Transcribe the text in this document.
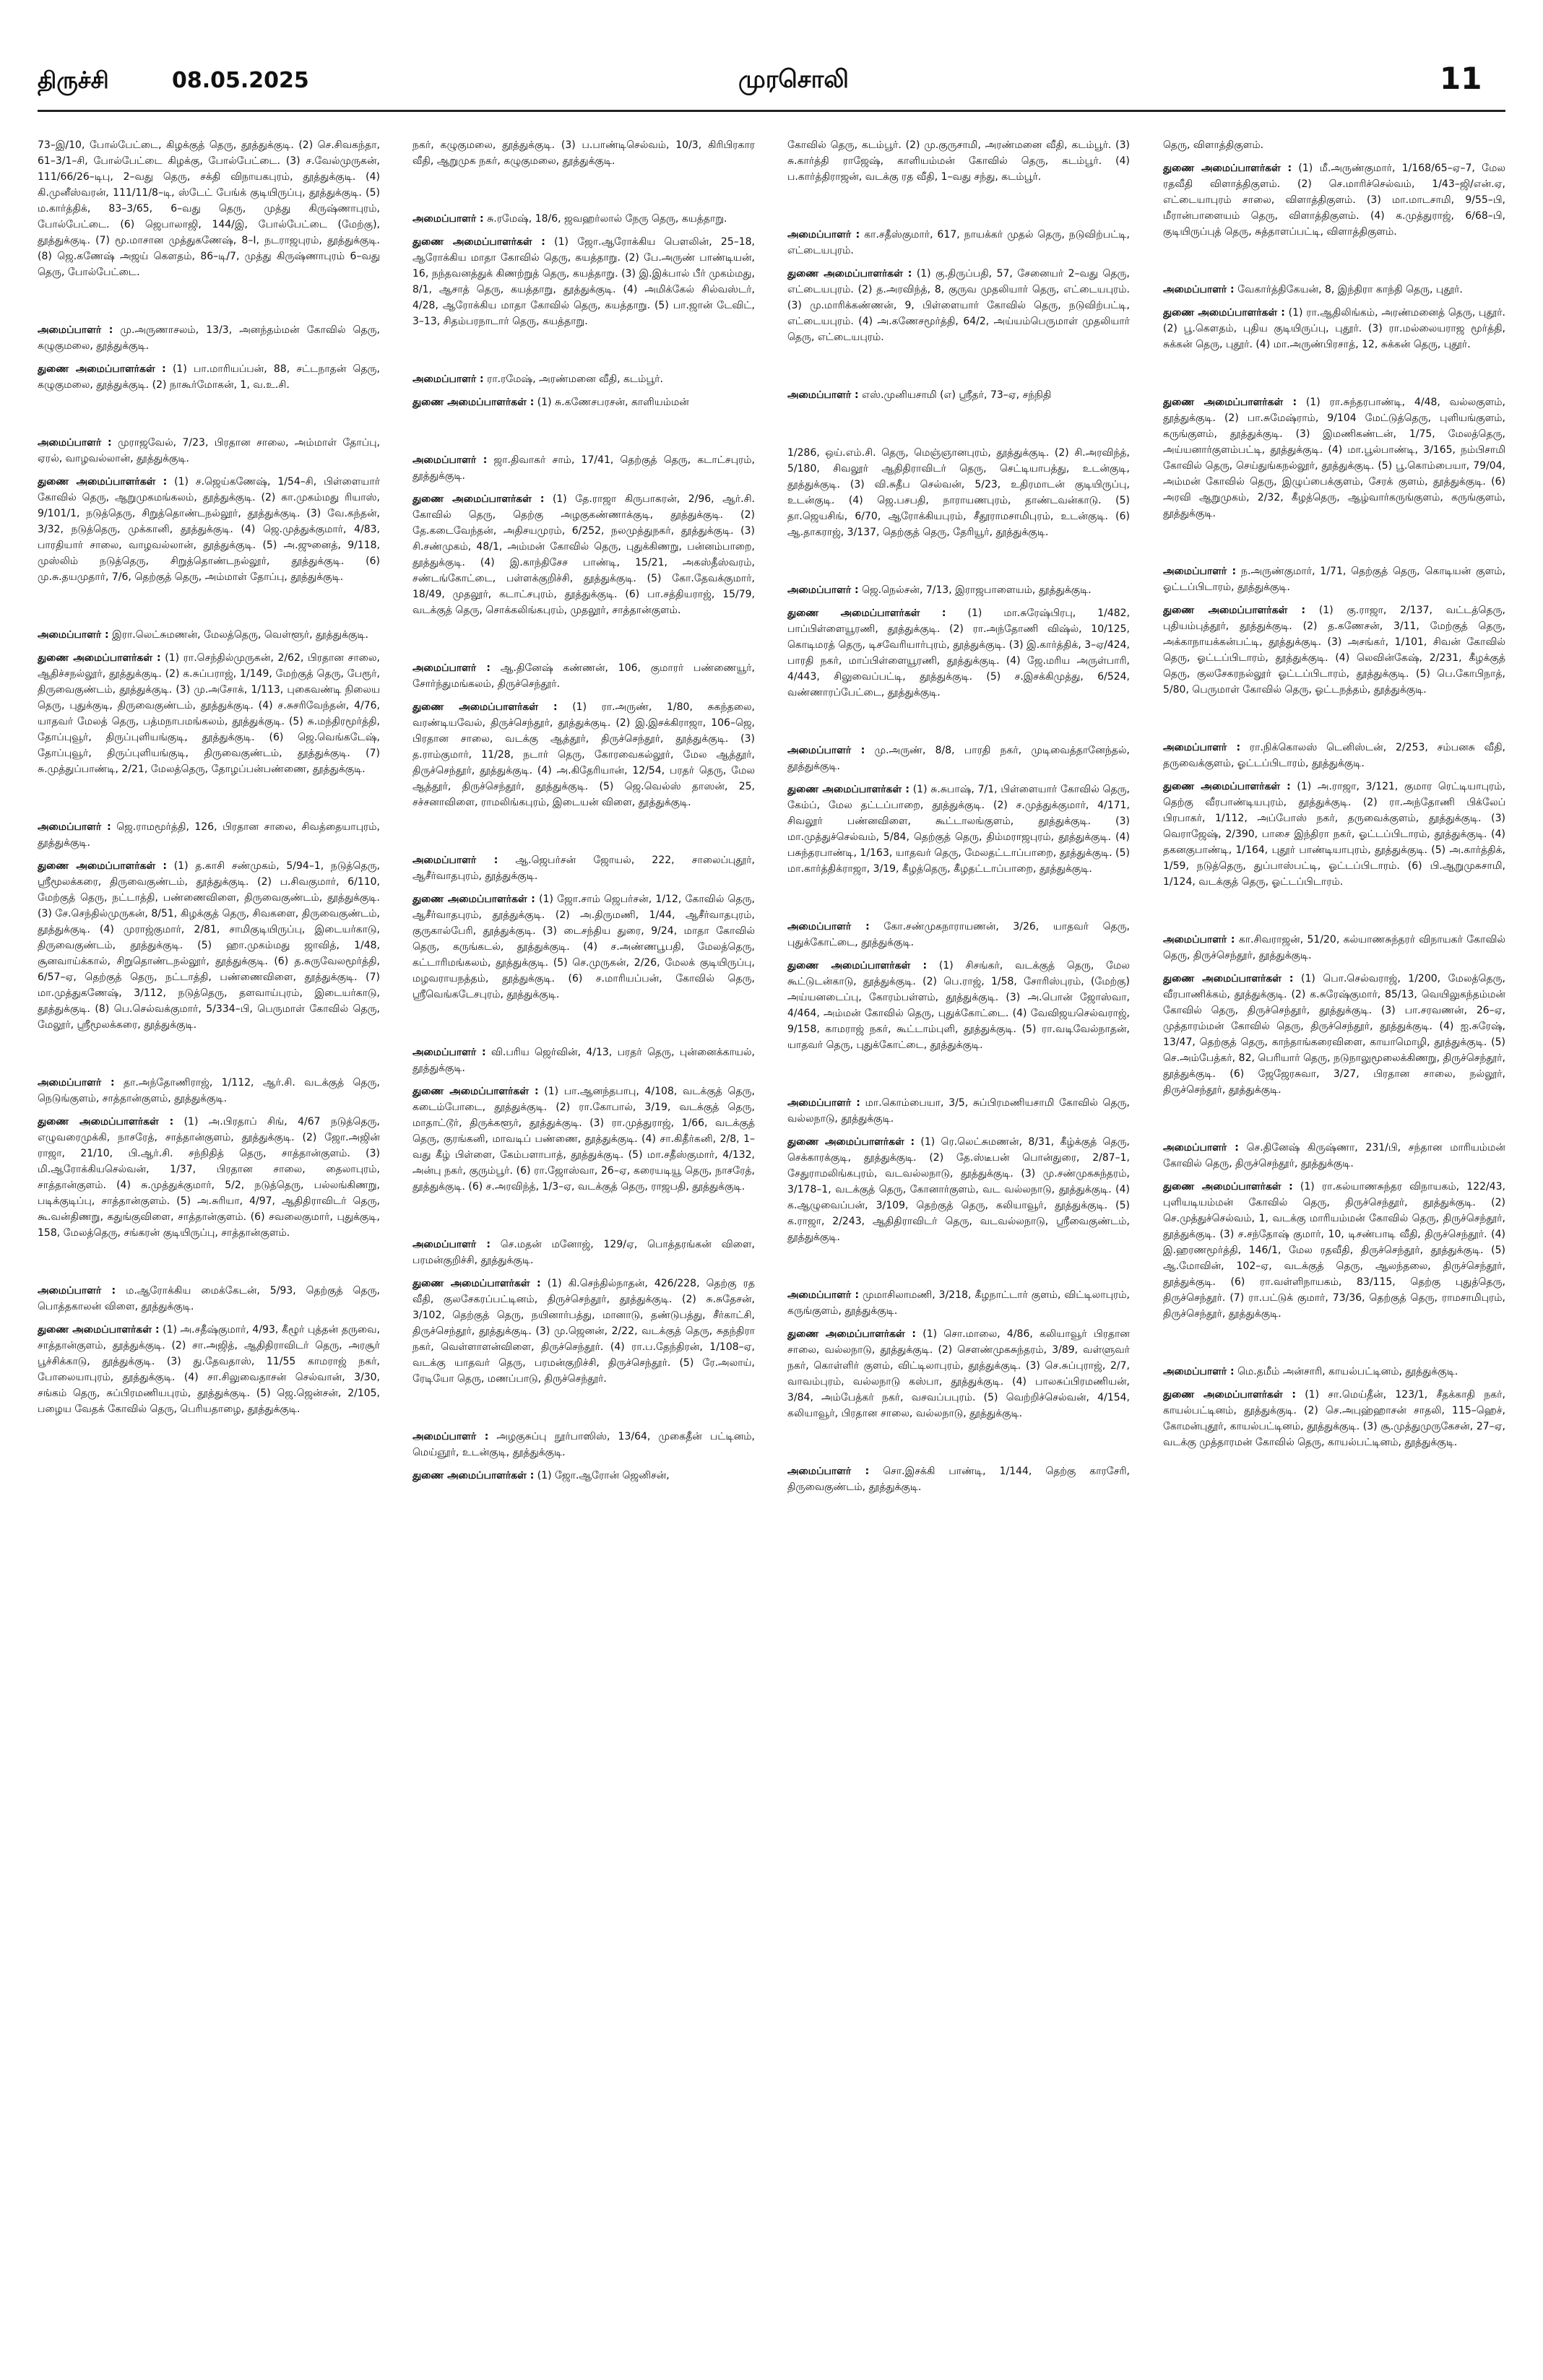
திருச்சி	08.05.2025	முரசொலி	11

73–இ/10, போல்பேட்டை, கிழக்குத் தெரு, தூத்துக்குடி. (2) செ.சிவகந்தா, 61–3/1–சி, போல்பேட்டை கிழக்கு, போல்பேட்டை. (3) ச.வேல்முருகன், 111/66/26–டிபு, 2–வது தெரு, சக்தி விநாயகபுரம், தூத்துக்குடி. (4) கி.முனீஸ்வரன், 111/11/8–டி, ஸ்டேட் பேங்க் குடியிருப்பு, தூத்துக்குடி. (5) ம.கார்த்திக், 83–3/65, 6–வது தெரு, முத்து கிருஷ்ணாபுரம், போல்பேட்டை. (6) ஜெபாலாஜி, 144/இ, போல்பேட்டை (மேற்கு), தூத்துக்குடி. (7) மூ.மாசான முத்துகணேஷ், 8–I, நடராஜபுரம், தூத்துக்குடி. (8) ஜெ.கணேஷ் அஜய் கௌதம், 86–டி/7, முத்து கிருஷ்ணாபுரம் 6–வது தெரு, போல்பேட்டை.

அமைப்பாளர் : மு.அருணாசலம், 13/3, அனந்தம்மன் கோவில் தெரு, கழுகுமலை, தூத்துக்குடி.

துணை அமைப்பாளர்கள் : (1) பா.மாரியப்பன், 88, சட்டநாதன் தெரு, கழுகுமலை, தூத்துக்குடி. (2) நாகூர்மோகன், 1, வ.உ.சி.

அமைப்பாளர் : முராஜவேல், 7/23, பிரதான சாலை, அம்மாள் தோப்பு, ஏரல், வாழவல்லான், தூத்துக்குடி.

துணை அமைப்பாளர்கள் : (1) ச.ஜெய்கணேஷ், 1/54–சி, பிள்ளையார் கோவில் தெரு, ஆறுமுகமங்கலம், தூத்துக்குடி. (2) கா.முகம்மது ரியாஸ், 9/101/1, நடுத்தெரு, சிறுத்தொண்டநல்லூர், தூத்துக்குடி. (3) வே.கந்தன், 3/32, நடுத்தெரு, முக்கானி, தூத்துக்குடி. (4) ஜெ.முத்துக்குமார், 4/83, பாரதியார் சாலை, வாழவல்லான், தூத்துக்குடி. (5) அ.ஜுனைத், 9/118, முஸ்லிம் நடுத்தெரு, சிறுத்தொண்டநல்லூர், தூத்துக்குடி. (6) மு.சு.தயமுதார், 7/6, தெற்குத் தெரு, அம்மாள் தோப்பு, தூத்துக்குடி.

அமைப்பாளர் : இரா.லெட்சுமணன், மேலத்தெரு, வெள்ளூர், தூத்துக்குடி.

துணை அமைப்பாளர்கள் : (1) ரா.செந்தில்முருகன், 2/62, பிரதான சாலை, ஆதிச்சநல்லூர், தூத்துக்குடி. (2) க.சுப்பராஜ், 1/149, மேற்குத் தெரு, பேரூர், திருவைகுண்டம், தூத்துக்குடி. (3) மு.அசோக், 1/113, புகைவண்டி நிலைய தெரு, புதுக்குடி, திருவைகுண்டம், தூத்துக்குடி. (4) ச.சுசரிவேந்தன், 4/76, யாதவர் மேலத் தெரு, பத்மநாபமங்கலம், தூத்துக்குடி. (5) சு.மந்திரமூர்த்தி, தோப்புவூர், திருப்புளியங்குடி, தூத்துக்குடி. (6) ஜெ.வெங்கடேஷ், தோப்புவூர், திருப்புளியங்குடி, திருவைகுண்டம், தூத்துக்குடி. (7) சு.முத்துப்பாண்டி, 2/21, மேலத்தெரு, தோழப்பன்பண்ணை, தூத்துக்குடி.

அமைப்பாளர் : ஜெ.ராமமூர்த்தி, 126, பிரதான சாலை, சிவத்தையாபுரம், தூத்துக்குடி.

துணை அமைப்பாளர்கள் : (1) த.காசி சண்முகம், 5/94–1, நடுத்தெரு, ஸ்ரீமூலக்கரை, திருவைகுண்டம், தூத்துக்குடி. (2) ப.சிவகுமார், 6/110, மேற்குத் தெரு, நட்டாத்தி, பண்ணைவிளை, திருவைகுண்டம், தூத்துக்குடி. (3) சே.செந்தில்முருகன், 8/51, கிழக்குத் தெரு, சிவகளை, திருவைகுண்டம், தூத்துக்குடி. (4) முராஜ்குமார், 2/81, சாமிகுடியிருப்பு, இடையர்காடு, திருவைகுண்டம், தூத்துக்குடி. (5) ஹா.முகம்மது ஜாவித், 1/48, சூனவாய்க்கால், சிறுதொண்டநல்லூர், தூத்துக்குடி. (6) த.சுருவேலமூர்த்தி, 6/57–ஏ, தெற்குத் தெரு, நட்டாத்தி, பண்ணைவிளை, தூத்துக்குடி. (7) மா.முத்துகணேஷ், 3/112, நடுத்தெரு, தளவாய்புரம், இடையர்காடு, தூத்துக்குடி. (8) பெ.செல்வக்குமார், 5/334–பி, பெருமாள் கோவில் தெரு, மேலூர், ஸ்ரீமூலக்கரை, தூத்துக்குடி.

அமைப்பாளர் : தா.அந்தோணிராஜ், 1/112, ஆர்.சி. வடக்குத் தெரு, நெடுங்குளம், சாத்தான்குளம், தூத்துக்குடி.

துணை அமைப்பாளர்கள் : (1) அ.பிரதாப் சிங், 4/67 நடுத்தெரு, எழுவரைமுக்கி, நாசரேத், சாத்தான்குளம், தூத்துக்குடி. (2) ஜோ.அஜின் ராஜா, 21/10, பி.ஆர்.சி. சந்நிதித் தெரு, சாத்தான்குளம். (3) மி.ஆரோக்கியசெல்வன், 1/37, பிரதான சாலை, தைலாபுரம், சாத்தான்குளம். (4) சு.முத்துக்குமார், 5/2, நடுத்தெரு, பல்லங்கிணறு, படிக்குடிப்பு, சாத்தான்குளம். (5) அ.சுரியா, 4/97, ஆதிதிராவிடர் தெரு, கூ.வன்திணறு, கதுங்குவிளை, சாத்தான்குளம். (6) சவலைகுமார், புதுக்குடி, 158, மேலத்தெரு, சங்கரன் குடியிருப்பு, சாத்தான்குளம்.

அமைப்பாளர் : ம.ஆரோக்கிய மைக்கேடன், 5/93, தெற்குத் தெரு, பொத்தகாலன் விளை, தூத்துக்குடி.

துணை அமைப்பாளர்கள் : (1) அ.சதீஷ்குமார், 4/93, கீழூர் புத்தன் தருவை, சாத்தான்குளம், தூத்துக்குடி. (2) சா.அஜித், ஆதிதிராவிடர் தெரு, அரசூர் பூச்சிக்காடு, தூத்துக்குடி. (3) து.தேவதாஸ், 11/55 காமராஜ் நகர், போலையாபுரம், தூத்துக்குடி. (4) சா.சிலுவைதாசன் செல்வான், 3/30, சங்கம் தெரு, சுப்பிரமணியபுரம், தூத்துக்குடி. (5) ஜெ.ஜென்சன், 2/105, பழைய வேதக் கோவில் தெரு, பெரியதாழை, தூத்துக்குடி.

நகர், கழுகுமலை, தூத்துக்குடி. (3) ப.பாண்டிசெல்வம், 10/3, கிரிபிரகார வீதி, ஆறுமுக நகர், கழுகுமலை, தூத்துக்குடி.

அமைப்பாளர் : சு.ரமேஷ், 18/6, ஜவஹர்லால் நேரு தெரு, கயத்தாறு.

துணை அமைப்பாளர்கள் : (1) ஜோ.ஆரோக்கிய பௌலின், 25–18, ஆரோக்கிய மாதா கோவில் தெரு, கயத்தாறு. (2) பே.அருண் பாண்டியன், 16, நந்தவனத்துக் கிணற்றுத் தெரு, கயத்தாறு. (3) இ.இக்பால் பீர் முகம்மது, 8/1, ஆசாத் தெரு, கயத்தாறு, தூத்துக்குடி. (4) அமிக்கேல் சில்வஸ்டர், 4/28, ஆரோக்கிய மாதா கோவில் தெரு, கயத்தாறு. (5) பா.ஜான் டேவிட், 3–13, சிதம்பரநாடார் தெரு, கயத்தாறு.

அமைப்பாளர் : ரா.ரமேஷ், அரண்மனை வீதி, கடம்பூர்.

துணை அமைப்பாளர்கள் : (1) சு.கணேசபரசன், காளியம்மன்

அமைப்பாளர் : ஜா.திவாகர் சாம், 17/41, தெற்குத் தெரு, கடாட்சபுரம், தூத்துக்குடி.

துணை அமைப்பாளர்கள் : (1) தே.ராஜா கிருபாகரன், 2/96, ஆர்.சி. கோவில் தெரு, தெற்கு அழகுகண்ணாக்குடி, தூத்துக்குடி. (2) தே.கடைவேந்தன், அதிசயமுரம், 6/252, நலமுத்துநகர், தூத்துக்குடி. (3) சி.சண்முகம், 48/1, அம்மன் கோவில் தெரு, புதுக்கிணறு, பன்னம்பாறை, தூத்துக்குடி. (4) இ.காந்திசேச பாண்டி, 15/21, அகஸ்தீஸ்வரம், சண்டங்கோட்டை, பள்ளக்குறிச்சி, தூத்துக்குடி. (5) கோ.தேவக்குமார், 18/49, முதலூர், கடாட்சபுரம், தூத்துக்குடி. (6) பா.சத்தியராஜ், 15/79, வடக்குத் தெரு, சொக்கலிங்கபுரம், முதலூர், சாத்தான்குளம்.

அமைப்பாளர் : ஆ.தினேஷ் கண்ணன், 106, குமாரர் பண்ணையூர், சோர்ந்துமங்கலம், திருச்செந்தூர்.

துணை அமைப்பாளர்கள் : (1) ரா.அருண், 1/80, சுகந்தலை, வரண்டியவேல், திருச்செந்தூர், தூத்துக்குடி. (2) இ.இசக்கிராஜா, 106–ஜெ, பிரதான சாலை, வடக்கு ஆத்தூர், திருச்செந்தூர், தூத்துக்குடி. (3) த.ராம்குமார், 11/28, நடார் தெரு, கோரவைகல்லூர், மேல ஆத்தூர், திருச்செந்தூர், தூத்துக்குடி. (4) அ.கிதேரியான், 12/54, பரதர் தெரு, மேல ஆத்தூர், திருச்செந்தூர், தூத்துக்குடி. (5) ஜெ.வெல்ஸ் தாஸன், 25, சச்சனாவிளை, ராமலிங்கபுரம், இடையன் விளை, தூத்துக்குடி.

அமைப்பாளர் : ஆ.ஜெபர்சன் ஜோயல், 222, சாலைப்புதூர், ஆசீர்வாதபுரம், தூத்துக்குடி.

துணை அமைப்பாளர்கள் : (1) ஜோ.சாம் ஜெபர்சன், 1/12, கோவில் தெரு, ஆசீர்வாதபுரம், தூத்துக்குடி. (2) அ.திருமணி, 1/44, ஆசீர்வாதபுரம், குருகால்பேரி, தூத்துக்குடி. (3) டைசந்திய துரை, 9/24, மாதா கோவில் தெரு, கருங்கடல், தூத்துக்குடி. (4) ச.அண்ணபூபதி, மேலத்தெரு, கட்டாரிமங்கலம், தூத்துக்குடி. (5) செ.முருகன், 2/26, மேலக் குடியிருப்பு, மழவராயநத்தம், தூத்துக்குடி. (6) ச.மாரியப்பன், கோவில் தெரு, ஸ்ரீவெங்கடேசபுரம், தூத்துக்குடி.

அமைப்பாளர் : வி.பரிய ஜெர்வின், 4/13, பரதர் தெரு, புன்னைக்காயல், தூத்துக்குடி.

துணை அமைப்பாளர்கள் : (1) பா.ஆனந்தபாபு, 4/108, வடக்குத் தெரு, கடைம்போடை, தூத்துக்குடி. (2) ரா.கோபால், 3/19, வடக்குத் தெரு, மாதாட்டூர், திருக்களூர், தூத்துக்குடி. (3) ரா.முத்துராஜ், 1/66, வடக்குத் தெரு, குரங்கனி, மாவடிப் பண்ணை, தூத்துக்குடி. (4) சா.கிதீர்கனி, 2/8, 1–வது கீழ் பிள்ளை, கேம்பளாபாத், தூத்துக்குடி. (5) மா.சதீஸ்குமார், 4/132, அன்பு நகர், குரும்பூர். (6) ரா.ஜோஸ்வா, 26–ஏ, கரையடியூ தெரு, நாசரேத், தூத்துக்குடி. (6) ச.அரவிந்த், 1/3–ஏ, வடக்குத் தெரு, ராஜபதி, தூத்துக்குடி.

அமைப்பாளர் : செ.மதன் மனோஜ், 129/ஏ, பொத்தரங்கன் விளை, பரமன்குறிச்சி, தூத்துக்குடி.

துணை அமைப்பாளர்கள் : (1) கி.செந்தில்நாதன், 426/228, தெற்கு ரத வீதி, குலசேகரப்பட்டினம், திருச்செந்தூர், தூத்துக்குடி. (2) சு.சுதேசன், 3/102, தெற்குத் தெரு, நயினார்பத்து, மானாடு, தண்டுபத்து, சீர்காட்சி, திருச்செந்தூர், தூத்துக்குடி. (3) மு.ஜெனன், 2/22, வடக்குத் தெரு, சுதந்திரா நகர், வெள்ளாளன்விளை, திருச்செந்தூர். (4) ரா.ப.தேந்திரன், 1/108–ஏ, வடக்கு யாதவர் தெரு, பரமன்குறிச்சி, திருச்செந்தூர். (5) ரே.அலாய், ரேடியோ தெரு, மணப்பாடு, திருச்செந்தூர்.

அமைப்பாளர் : அழகுசுப்பு நூர்பாஸிஸ், 13/64, முகைதீன் பட்டினம், மெய்ஞூர், உடன்குடி, தூத்துக்குடி.

துணை அமைப்பாளர்கள் : (1) ஜோ.ஆரோன் ஜெனிசன்,

கோவில் தெரு, கடம்பூர். (2) மு.குருசாமி, அரண்மனை வீதி, கடம்பூர். (3) சு.கார்த்தி ராஜேஷ், காளியம்மன் கோவில் தெரு, கடம்பூர். (4) ப.கார்த்திராஜன், வடக்கு ரத வீதி, 1–வது சந்து, கடம்பூர்.

அமைப்பாளர் : கா.சதீஸ்குமார், 617, நாயக்கர் முதல் தெரு, நடுவிற்பட்டி, எட்டையபுரம்.

துணை அமைப்பாளர்கள் : (1) கு.திருப்பதி, 57, சேனையர் 2–வது தெரு, எட்டையபுரம். (2) த.அரவிந்த், 8, குருவ முதலியார் தெரு, எட்டையபுரம். (3) மு.மாரிக்கண்ணன், 9, பிள்ளையார் கோவில் தெரு, நடுவிற்பட்டி, எட்டையபுரம். (4) அ.கணேசமூர்த்தி, 64/2, அய்யம்பெருமாள் முதலியார் தெரு, எட்டையபுரம்.

அமைப்பாளர் : எஸ்.முனியசாமி (எ) ஸ்ரீதர், 73–ஏ, சந்நிதி

1/286, ஒய்.எம்.சி. தெரு, மெஞ்ஞானபுரம், தூத்துக்குடி. (2) சி.அரவிந்த், 5/180, சிவலூர் ஆதிதிராவிடர் தெரு, செட்டியாபத்து, உடன்குடி, தூத்துக்குடி. (3) வி.சுதீப செல்வன், 5/23, உதிரமாடன் குடியிருப்பு, உடன்குடி. (4) ஜெ.பசபதி, நாராயணபுரம், தாண்டவன்காடு. (5) தா.ஜெயசிங், 6/70, ஆரோக்கியபுரம், சீதூராமசாமிபுரம், உடன்குடி. (6) ஆ.தாகராஜ், 3/137, தெற்குத் தெரு, தேரியூர், தூத்துக்குடி.

அமைப்பாளர் : ஜெ.நெல்சன், 7/13, இராஜபாளையம், தூத்துக்குடி.

துணை அமைப்பாளர்கள் : (1) மா.சுரேஷ்பிரபு, 1/482, பாப்பிள்ளையூரணி, தூத்துக்குடி. (2) ரா.அந்தோணி விஷ்ல், 10/125, கொடிமரத் தெரு, டிசவேரியார்புரம், தூத்துக்குடி. (3) இ.கார்த்திக், 3–ஏ/424, பாரதி நகர், மாப்பிள்ளையூரணி, தூத்துக்குடி. (4) ஜே.மரிய அருள்பாரி, 4/443, சிலுவைப்பட்டி, தூத்துக்குடி. (5) ச.இசக்கிமுத்து, 6/524, வண்ணாரப்பேட்டை, தூத்துக்குடி.

அமைப்பாளர் : மு.அருண், 8/8, பாரதி நகர், முடிவைத்தானேந்தல், தூத்துக்குடி.

துணை அமைப்பாளர்கள் : (1) சு.சுபாஷ், 7/1, பிள்ளையார் கோவில் தெரு, கேம்ப், மேல தட்டப்பாறை, தூத்துக்குடி. (2) ச.முத்துக்குமார், 4/171, சிவலூர் பண்னவிளை, கூட்டாலங்குளம், தூத்துக்குடி. (3) மா.முத்துச்செல்வம், 5/84, தெற்குத் தெரு, திம்மராஜபுரம், தூத்துக்குடி. (4) பசுந்தரபாண்டி, 1/163, யாதவர் தெரு, மேலதட்டாப்பாறை, தூத்துக்குடி. (5) மா.கார்த்திக்ராஜா, 3/19, கீழத்தெரு, கீழதட்டாப்பாறை, தூத்துக்குடி.

அமைப்பாளர் : கோ.சண்முகநாராயணன், 3/26, யாதவர் தெரு, புதுக்கோட்டை, தூத்துக்குடி.

துணை அமைப்பாளர்கள் : (1) சிசங்கர், வடக்குத் தெரு, மேல கூட்டுடன்காடு, தூத்துக்குடி. (2) பெ.ராஜ், 1/58, சோரிஸ்புரம், (மேற்கு) அய்யனடைப்பு, கோரம்பள்ளம், தூத்துக்குடி. (3) அ.பொன் ஜோஸ்வா, 4/464, அம்மன் கோவில் தெரு, புதுக்கோட்டை. (4) வேவிஜயசெல்வராஜ், 9/158, காமராஜ் நகர், கூட்டாம்புளி, தூத்துக்குடி. (5) ரா.வடிவேல்நாதன், யாதவர் தெரு, புதுக்கோட்டை, தூத்துக்குடி.

அமைப்பாளர் : மா.கொம்பையா, 3/5, சுப்பிரமணியசாமி கோவில் தெரு, வல்லநாடு, தூத்துக்குடி.

துணை அமைப்பாளர்கள் : (1) ரெ.லெட்சுமணன், 8/31, கீழ்க்குத் தெரு, செக்காரக்குடி, தூத்துக்குடி. (2) தே.ஸ்டீபன் பொன்துரை, 2/87–1, சேதுராமலிங்கபுரம், வடவல்லநாடு, தூத்துக்குடி. (3) மு.சண்முகசுந்தரம், 3/178–1, வடக்குத் தெரு, கோனார்குளம், வட வல்லநாடு, தூத்துக்குடி. (4) க.ஆழுவைப்பன், 3/109, தெற்குத் தெரு, கலியாவூர், தூத்துக்குடி. (5) க.ராஜா, 2/243, ஆதிதிராவிடர் தெரு, வடவல்லநாடு, ஸ்ரீவைகுண்டம், தூத்துக்குடி.

அமைப்பாளர் : முமாசிலாமணி, 3/218, கீழநாட்டார் குளம், விட்டிலாபுரம், கருங்குளம், தூத்துக்குடி.

துணை அமைப்பாளர்கள் : (1) சொ.மாலை, 4/86, கலியாவூர் பிரதான சாலை, வல்லநாடு, தூத்துக்குடி. (2) சௌண்முகசுந்தரம், 3/89, வள்ளுவர் நகர், கொள்ளிர் குளம், விட்டிலாபுரம், தூத்துக்குடி. (3) செ.சுப்புராஜ், 2/7, வாவம்புரம், வல்லநாடு கஸ்பா, தூத்துக்குடி. (4) பாலசுப்பிரமணியன், 3/84, அம்பேத்கர் நகர், வசவப்பபுரம். (5) வெற்றிச்செல்வன், 4/154, கலியாவூர், பிரதான சாலை, வல்லநாடு, தூத்துக்குடி.

அமைப்பாளர் : சொ.இசக்கி பாண்டி, 1/144, தெற்கு காரசேரி, திருவைகுண்டம், தூத்துக்குடி.

தெரு, விளாத்திகுளம்.

துணை அமைப்பாளர்கள் : (1) மீ.அருண்குமார், 1/168/65–ஏ–7, மேல ரதவீதி விளாத்திகுளம். (2) செ.மாரிச்செல்வம், 1/43–ஜி/என்.ஏ, எட்டையாபுரம் சாலை, விளாத்திகுளம். (3) மா.மாடசாமி, 9/55–பி, மீரான்பாளையம் தெரு, விளாத்திகுளம். (4) க.முத்துராஜ், 6/68–பி, குடியிருப்புத் தெரு, சுத்தாளப்பட்டி, விளாத்திகுளம்.

அமைப்பாளர் : வேகார்த்திகேயன், 8, இந்திரா காந்தி தெரு, புதூர்.

துணை அமைப்பாளர்கள் : (1) ரா.ஆதிலிங்கம், அரண்மனைத் தெரு, புதூர். (2) பூ.கௌதம், புதிய குடியிருப்பு, புதூர். (3) ரா.மல்லையராஜ மூர்த்தி, சுக்கன் தெரு, புதூர். (4) மா.அருண்பிரசாத், 12, சுக்கன் தெரு, புதூர்.

துணை அமைப்பாளர்கள் : (1) ரா.சுந்தரபாண்டி, 4/48, வல்லகுளம், தூத்துக்குடி. (2) பா.சுமேஷ்ராம், 9/104 மேட்டுத்தெரு, புளியங்குளம், கருங்குளம், தூத்துக்குடி. (3) இமணிகண்டன், 1/75, மேலத்தெரு, அய்யனார்குளம்பட்டி, தூத்துக்குடி. (4) மா.பூல்பாண்டி, 3/165, நம்பிசாமி கோவில் தெரு, செய்துங்கநல்லூர், தூத்துக்குடி. (5) பூ.கொம்பையா, 79/04, அம்மன் கோவில் தெரு, இழுப்பைக்குளம், சேரக் குளம், தூத்துக்குடி. (6) அரவி ஆறுமுகம், 2/32, கீழத்தெரு, ஆழ்வார்கருங்குளம், கருங்குளம், தூத்துக்குடி.

அமைப்பாளர் : ந.அருண்குமார், 1/71, தெற்குத் தெரு, கொடியன் குளம், ஓட்டப்பிடாரம், தூத்துக்குடி.

துணை அமைப்பாளர்கள் : (1) கு.ராஜா, 2/137, வட்டத்தெரு, புதியம்புத்தூர், தூத்துக்குடி. (2) த.கணேசன், 3/11, மேற்குத் தெரு, அக்காநாயக்கன்பட்டி, தூத்துக்குடி. (3) அசங்கர், 1/101, சிவன் கோவில் தெரு, ஓட்டப்பிடாரம், தூத்துக்குடி. (4) லெவின்கேஷ், 2/231, கீழக்குத் தெரு, குலசேகரநல்லூர் ஓட்டப்பிடாரம், தூத்துக்குடி. (5) பெ.கோபிநாத், 5/80, பெருமாள் கோவில் தெரு, ஓட்டநத்தம், தூத்துக்குடி.

அமைப்பாளர் : ரா.நிக்கொலஸ் டெனிஸ்டன், 2/253, சம்பனசு வீதி, தருவைக்குளம், ஓட்டப்பிடாரம், தூத்துக்குடி.

துணை அமைப்பாளர்கள் : (1) அ.ராஜா, 3/121, குமார ரெட்டியாபுரம், தெற்கு வீரபாண்டியபுரம், தூத்துக்குடி. (2) ரா.அந்தோணி பிக்லேப் பிரபாகர், 1/112, அப்போஸ் நகர், தருவைக்குளம், தூத்துக்குடி. (3) வெராஜேஷ், 2/390, பாசை இந்திரா நகர், ஓட்டப்பிடாரம், தூத்துக்குடி. (4) தகனகுபாண்டி, 1/164, புதூர் பாண்டியாபுரம், தூத்துக்குடி. (5) அ.கார்த்திக், 1/59, நடுத்தெரு, துப்பாஸ்பட்டி, ஓட்டப்பிடாரம். (6) பி.ஆறுமுகசாமி, 1/124, வடக்குத் தெரு, ஓட்டப்பிடாரம்.

அமைப்பாளர் : கா.சிவராஜன், 51/20, கல்யாணசுந்தரர் விநாயகர் கோவில் தெரு, திருச்செந்தூர், தூத்துக்குடி.

துணை அமைப்பாளர்கள் : (1) பொ.செல்வராஜ், 1/200, மேலத்தெரு, வீரபாணிக்கம், தூத்துக்குடி. (2) க.சுரேஷ்குமார், 85/13, வெயிலுகந்தம்மன் கோவில் தெரு, திருச்செந்தூர், தூத்துக்குடி. (3) பா.சரவணன், 26–ஏ, முத்தாரம்மன் கோவில் தெரு, திருச்செந்தூர், தூத்துக்குடி. (4) ஐ.சுரேஷ், 13/47, தெற்குத் தெரு, காந்தாங்கரைவிளை, காயாமொழி, தூத்துக்குடி. (5) செ.அம்பேத்கர், 82, பெரியார் தெரு, நடுநாலுமூலைக்கிணறு, திருச்செந்தூர், தூத்துக்குடி. (6) ஜேஜேரசுவா, 3/27, பிரதான சாலை, நல்லூர், திருச்செந்தூர், தூத்துக்குடி.

அமைப்பாளர் : செ.தினேஷ் கிருஷ்ணா, 231/பி, சந்தான மாரியம்மன் கோவில் தெரு, திருச்செந்தூர், தூத்துக்குடி.

துணை அமைப்பாளர்கள் : (1) ரா.கல்யாணசுந்தர விநாயகம், 122/43, புளியடியம்மன் கோவில் தெரு, திருச்செந்தூர், தூத்துக்குடி. (2) செ.முத்துச்செல்வம், 1, வடக்கு மாரியம்மன் கோவில் தெரு, திருச்செந்தூர், தூத்துக்குடி. (3) ச.சந்தோஷ் குமார், 10, டிசண்பாடி வீதி, திருச்செந்தூர். (4) இ.ஹரணமூர்த்தி, 146/1, மேல ரதவீதி, திருச்செந்தூர், தூத்துக்குடி. (5) ஆ.மோவின், 102–ஏ, வடக்குத் தெரு, ஆலந்தலை, திருச்செந்தூர், தூத்துக்குடி. (6) ரா.வள்ளிநாயகம், 83/115, தெற்கு புதுத்தெரு, திருச்செந்தூர். (7) ரா.பட்டுக் குமார், 73/36, தெற்குத் தெரு, ராமசாமிபுரம், திருச்செந்தூர், தூத்துக்குடி.

அமைப்பாளர் : மெ.தமீம் அன்சாரி, காயல்பட்டினம், தூத்துக்குடி.

துணை அமைப்பாளர்கள் : (1) சா.மெய்தீன், 123/1, சீதக்காதி நகர், காயல்பட்டினம், தூத்துக்குடி. (2) செ.அபுஹ்ஹாசன் சாதலி, 115–ஹெச், கோமன்புதூர், காயல்பட்டினம், தூத்துக்குடி. (3) சூ.முத்துமுருகேசன், 27–ஏ, வடக்கு முத்தாரமன் கோவில் தெரு, காயல்பட்டினம், தூத்துக்குடி.
